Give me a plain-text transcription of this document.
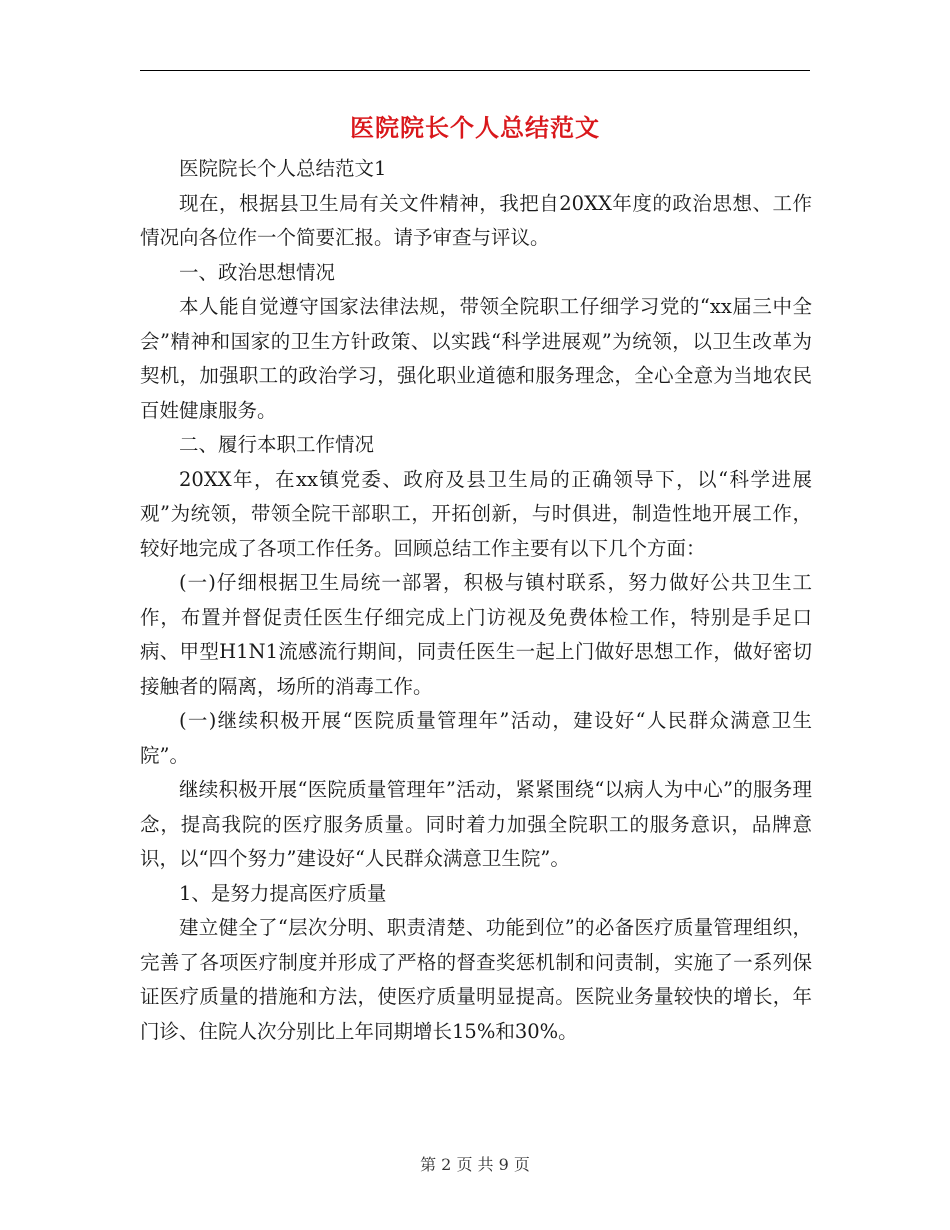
医院院长个人总结范文

医院院长个人总结范文1

现在，根据县卫生局有关文件精神，我把自20XX年度的政治思想、工作情况向各位作一个简要汇报。请予审查与评议。

一、政治思想情况

本人能自觉遵守国家法律法规，带领全院职工仔细学习党的“xx届三中全会”精神和国家的卫生方针政策、以实践“科学进展观”为统领，以卫生改革为契机，加强职工的政治学习，强化职业道德和服务理念，全心全意为当地农民百姓健康服务。

二、履行本职工作情况

20XX年，在xx镇党委、政府及县卫生局的正确领导下，以“科学进展观”为统领，带领全院干部职工，开拓创新，与时俱进，制造性地开展工作，较好地完成了各项工作任务。回顾总结工作主要有以下几个方面：

(一)仔细根据卫生局统一部署，积极与镇村联系，努力做好公共卫生工作，布置并督促责任医生仔细完成上门访视及免费体检工作，特别是手足口病、甲型H1N1流感流行期间，同责任医生一起上门做好思想工作，做好密切接触者的隔离，场所的消毒工作。

(一)继续积极开展“医院质量管理年”活动，建设好“人民群众满意卫生院”。

继续积极开展“医院质量管理年”活动，紧紧围绕“以病人为中心”的服务理念，提高我院的医疗服务质量。同时着力加强全院职工的服务意识，品牌意识，以“四个努力”建设好“人民群众满意卫生院”。

1、是努力提高医疗质量

建立健全了“层次分明、职责清楚、功能到位”的必备医疗质量管理组织，完善了各项医疗制度并形成了严格的督查奖惩机制和问责制，实施了一系列保证医疗质量的措施和方法，使医疗质量明显提高。医院业务量较快的增长，年门诊、住院人次分别比上年同期增长15%和30%。

第 2 页 共 9 页
